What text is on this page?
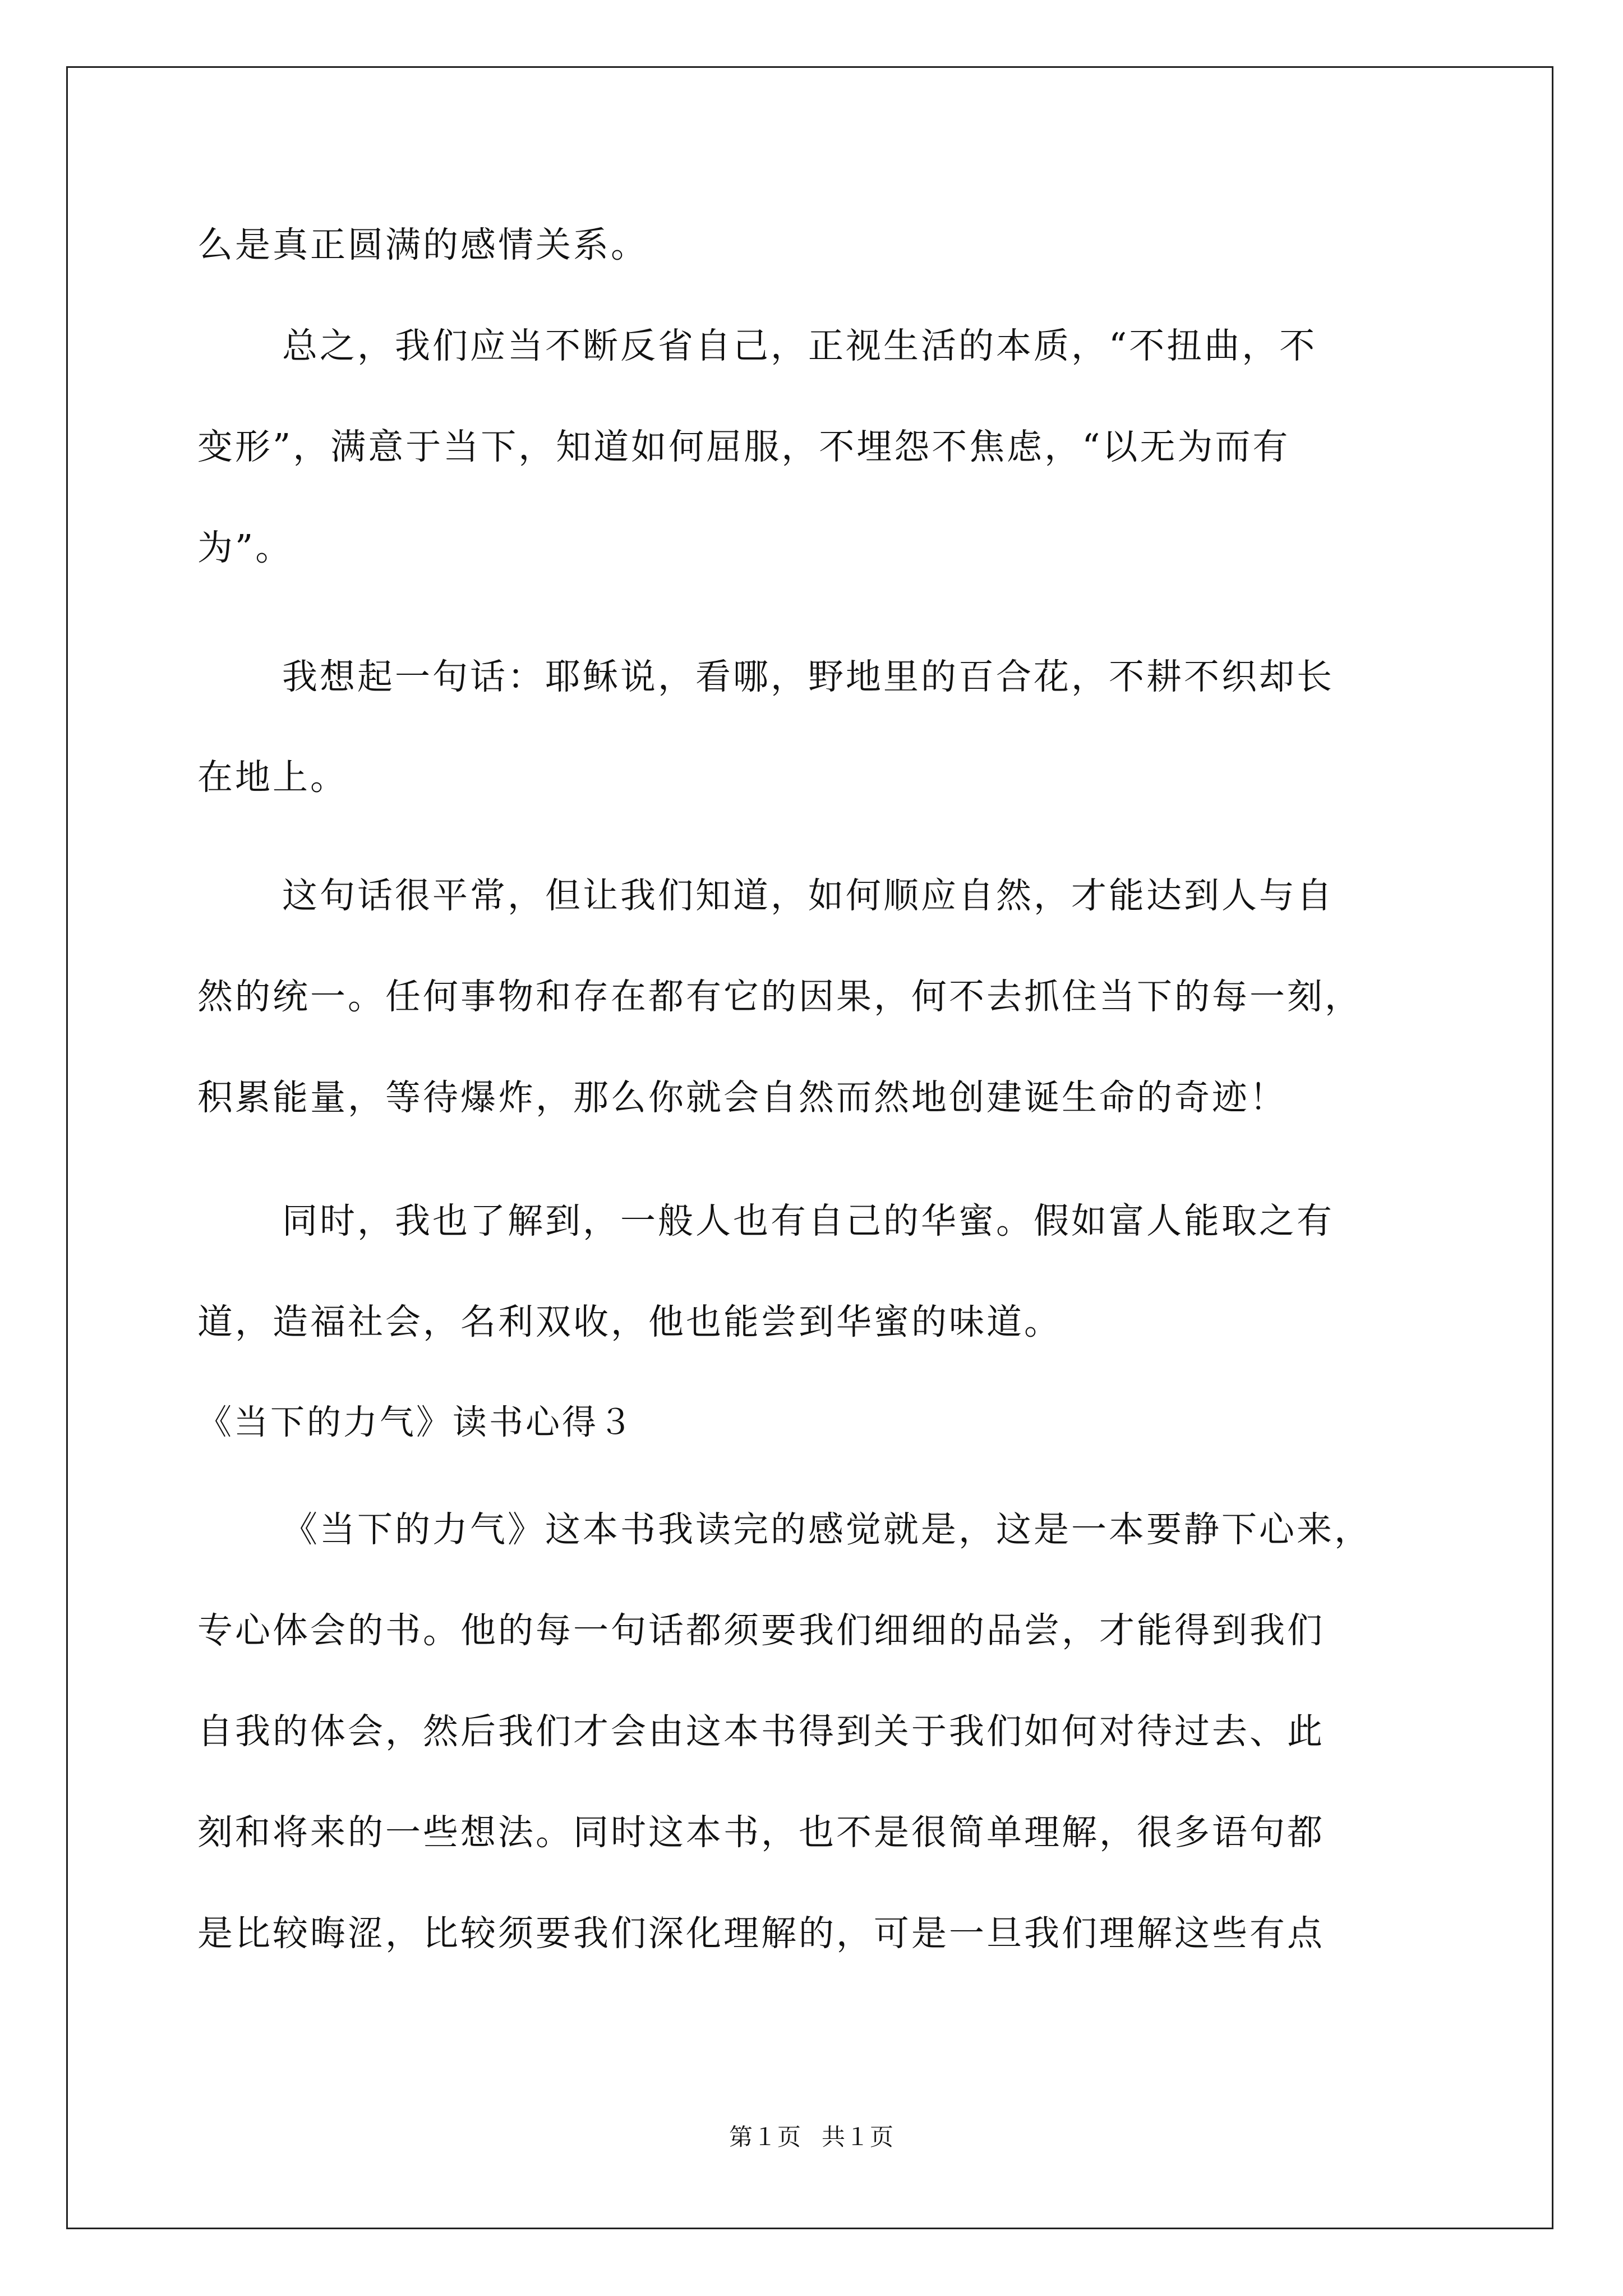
么是真正圆满的感情关系。
总之，我们应当不断反省自己，正视生活的本质，“不扭曲，不
变形”，满意于当下，知道如何屈服，不埋怨不焦虑，“以无为而有
为”。
我想起一句话：耶稣说，看哪，野地里的百合花，不耕不织却长
在地上。
这句话很平常，但让我们知道，如何顺应自然，才能达到人与自
然的统一。任何事物和存在都有它的因果，何不去抓住当下的每一刻，
积累能量，等待爆炸，那么你就会自然而然地创建诞生命的奇迹！
同时，我也了解到，一般人也有自己的华蜜。假如富人能取之有
道，造福社会，名利双收，他也能尝到华蜜的味道。
《当下的力气》读书心得３
《当下的力气》这本书我读完的感觉就是，这是一本要静下心来，
专心体会的书。他的每一句话都须要我们细细的品尝，才能得到我们
自我的体会，然后我们才会由这本书得到关于我们如何对待过去、此
刻和将来的一些想法。同时这本书，也不是很简单理解，很多语句都
是比较晦涩，比较须要我们深化理解的，可是一旦我们理解这些有点
第１页 共１页
